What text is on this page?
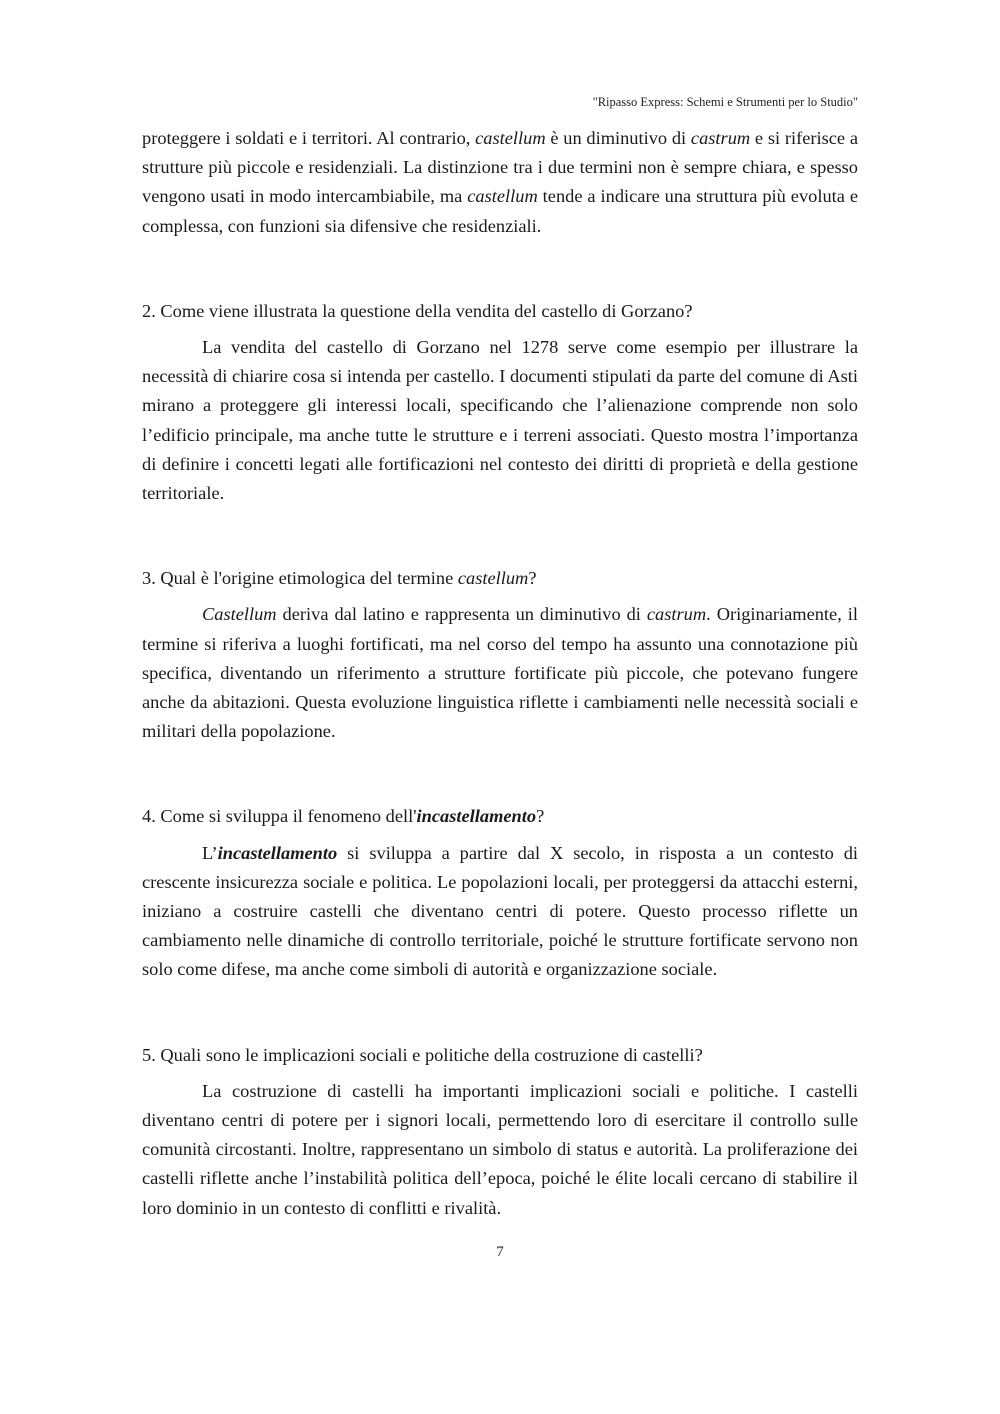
"Ripasso Express: Schemi e Strumenti per lo Studio"

proteggere i soldati e i territori. Al contrario, castellum è un diminutivo di castrum e si riferisce a strutture più piccole e residenziali. La distinzione tra i due termini non è sempre chiara, e spesso vengono usati in modo intercambiabile, ma castellum tende a indicare una struttura più evoluta e complessa, con funzioni sia difensive che residenziali.

2. Come viene illustrata la questione della vendita del castello di Gorzano?

La vendita del castello di Gorzano nel 1278 serve come esempio per illustrare la necessità di chiarire cosa si intenda per castello. I documenti stipulati da parte del comune di Asti mirano a proteggere gli interessi locali, specificando che l’alienazione comprende non solo l’edificio principale, ma anche tutte le strutture e i terreni associati. Questo mostra l’importanza di definire i concetti legati alle fortificazioni nel contesto dei diritti di proprietà e della gestione territoriale.

3. Qual è l'origine etimologica del termine castellum?

Castellum deriva dal latino e rappresenta un diminutivo di castrum. Originariamente, il termine si riferiva a luoghi fortificati, ma nel corso del tempo ha assunto una connotazione più specifica, diventando un riferimento a strutture fortificate più piccole, che potevano fungere anche da abitazioni. Questa evoluzione linguistica riflette i cambiamenti nelle necessità sociali e militari della popolazione.

4. Come si sviluppa il fenomeno dell'incastellamento?

L’incastellamento si sviluppa a partire dal X secolo, in risposta a un contesto di crescente insicurezza sociale e politica. Le popolazioni locali, per proteggersi da attacchi esterni, iniziano a costruire castelli che diventano centri di potere. Questo processo riflette un cambiamento nelle dinamiche di controllo territoriale, poiché le strutture fortificate servono non solo come difese, ma anche come simboli di autorità e organizzazione sociale.

5. Quali sono le implicazioni sociali e politiche della costruzione di castelli?

La costruzione di castelli ha importanti implicazioni sociali e politiche. I castelli diventano centri di potere per i signori locali, permettendo loro di esercitare il controllo sulle comunità circostanti. Inoltre, rappresentano un simbolo di status e autorità. La proliferazione dei castelli riflette anche l’instabilità politica dell’epoca, poiché le élite locali cercano di stabilire il loro dominio in un contesto di conflitti e rivalità.

7
